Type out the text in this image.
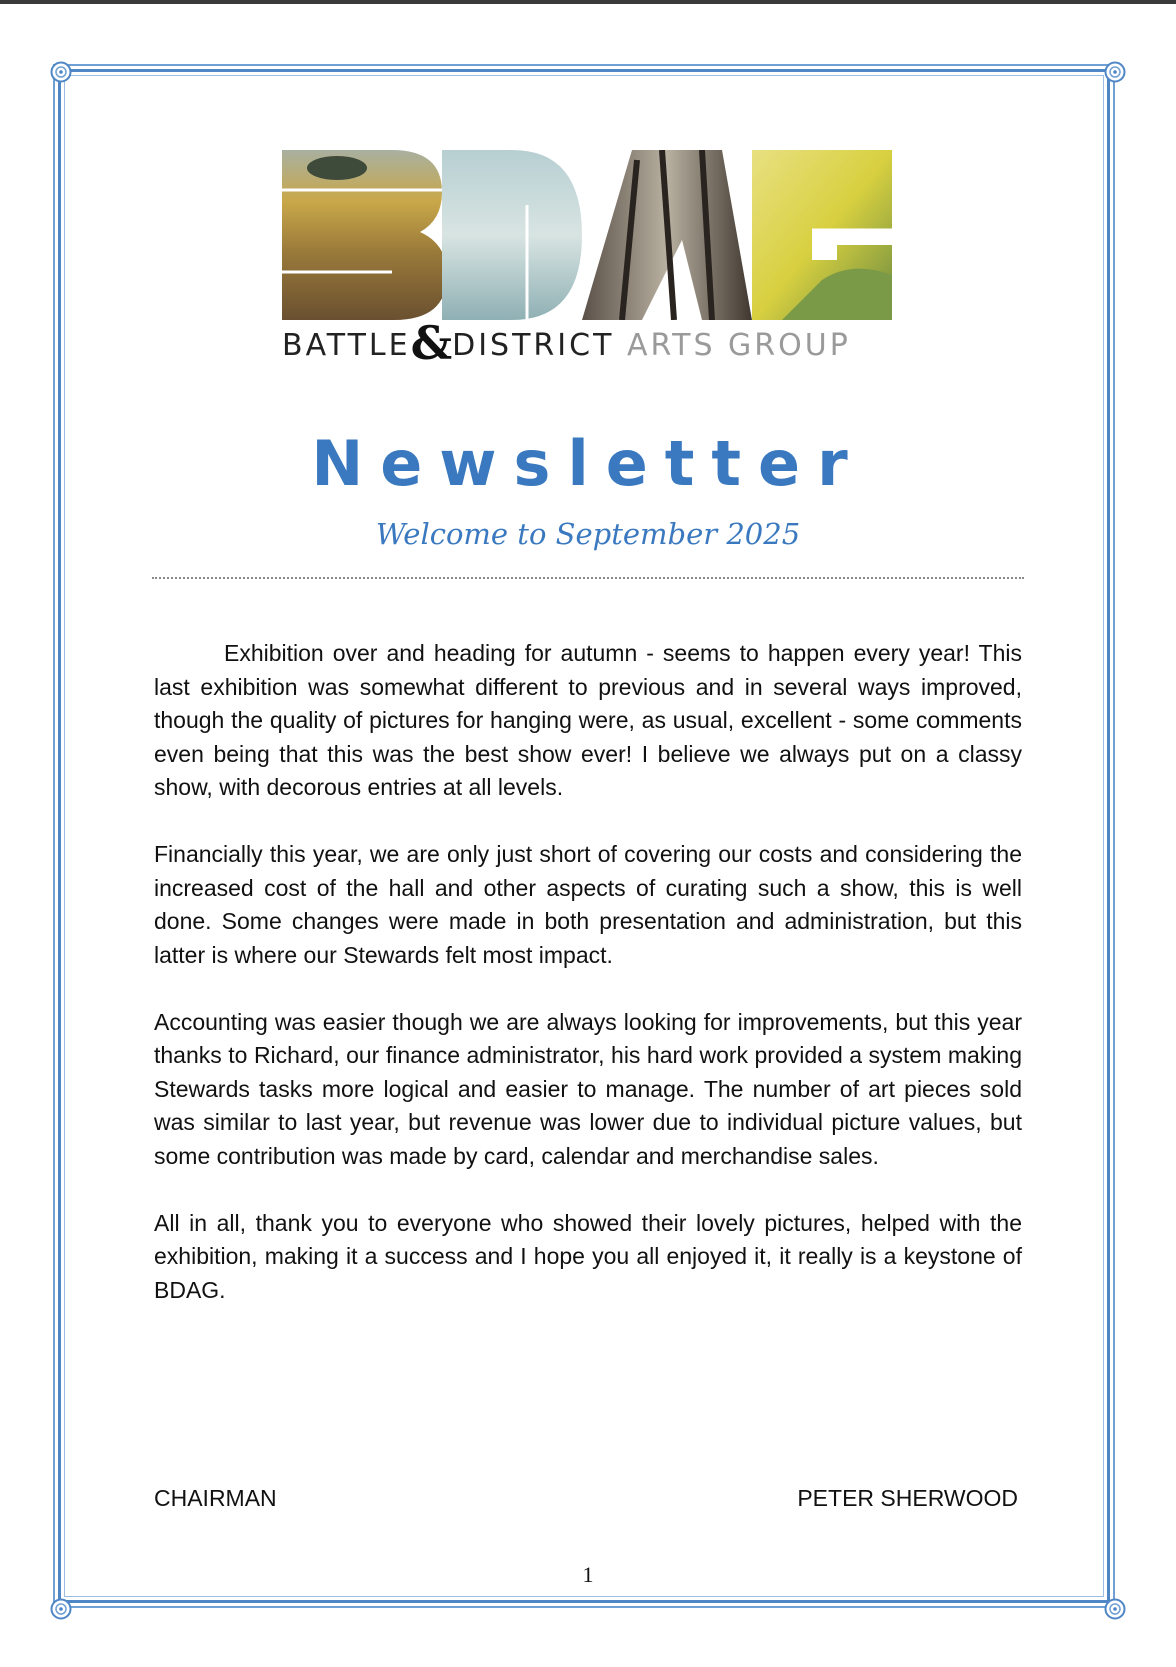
BATTLE&DISTRICT ARTS GROUP
Newsletter
Welcome to September 2025

Exhibition over and heading for autumn - seems to happen every year! This last exhibition was somewhat different to previous and in several ways improved, though the quality of pictures for hanging were, as usual, excellent - some comments even being that this was the best show ever! I believe we always put on a classy show, with decorous entries at all levels.

Financially this year, we are only just short of covering our costs and considering the increased cost of the hall and other aspects of curating such a show, this is well done. Some changes were made in both presentation and administration, but this latter is where our Stewards felt most impact.

Accounting was easier though we are always looking for improvements, but this year thanks to Richard, our finance administrator, his hard work provided a system making Stewards tasks more logical and easier to manage. The number of art pieces sold was similar to last year, but revenue was lower due to individual picture values, but some contribution was made by card, calendar and merchandise sales.

All in all, thank you to everyone who showed their lovely pictures, helped with the exhibition, making it a success and I hope you all enjoyed it, it really is a keystone of BDAG.

CHAIRMAN	PETER SHERWOOD
1
